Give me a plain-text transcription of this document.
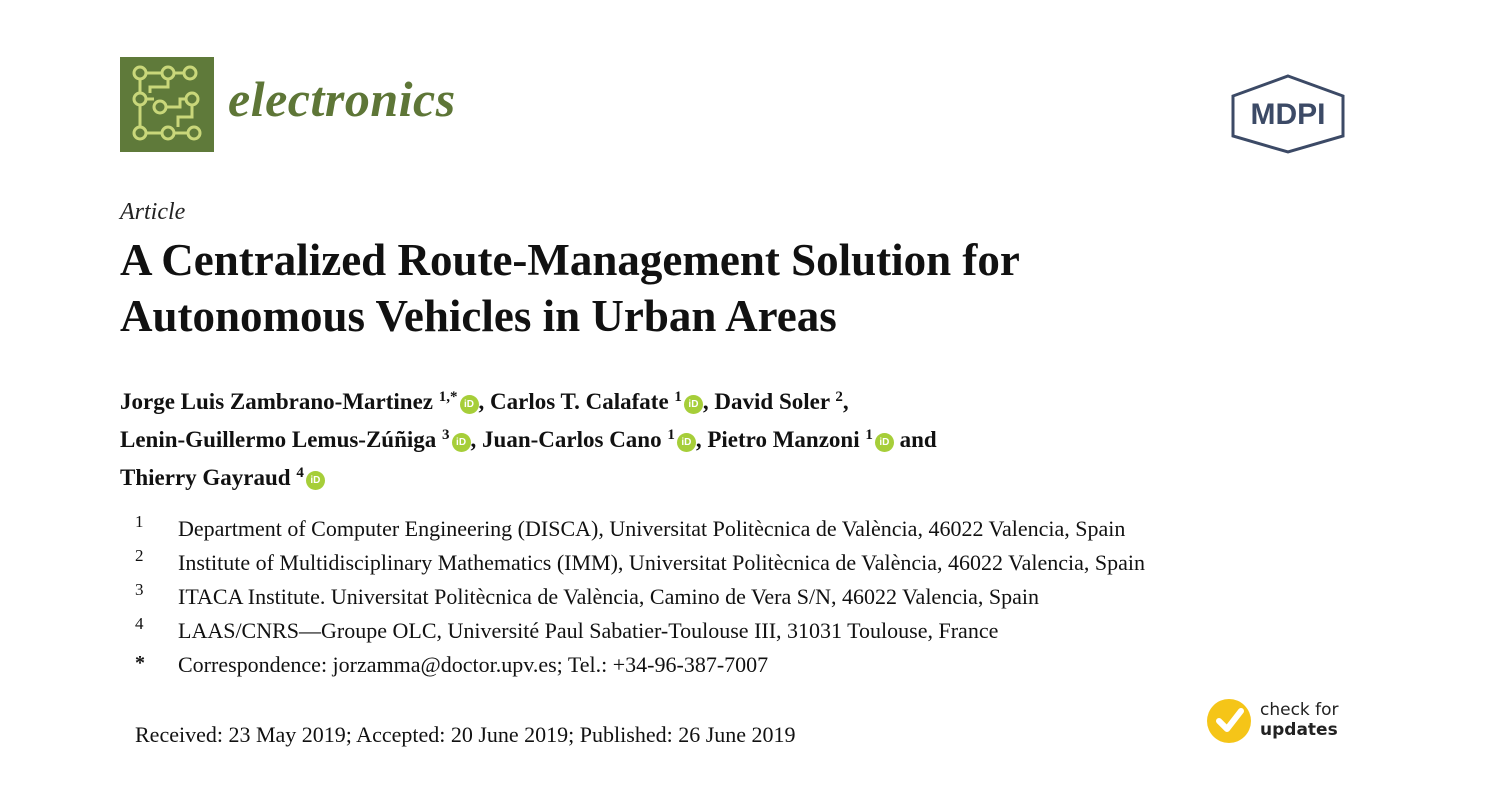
electronics	MDPI
Article
A Centralized Route-Management Solution for
Autonomous Vehicles in Urban Areas
Jorge Luis Zambrano-Martinez $^{1,*}$ iD , Carlos T. Calafate $^1$ iD , David Soler $^2$,
Lenin-Guillermo Lemus-Zúñiga $^3$ iD , Juan-Carlos Cano $^1$ iD , Pietro Manzoni $^1$ iD and
Thierry Gayraud $^4$ iD
1	Department of Computer Engineering (DISCA), Universitat Politècnica de València, 46022 Valencia, Spain
2	Institute of Multidisciplinary Mathematics (IMM), Universitat Politècnica de València, 46022 Valencia, Spain
3	ITACA Institute. Universitat Politècnica de València, Camino de Vera S/N, 46022 Valencia, Spain
4	LAAS/CNRS—Groupe OLC, Université Paul Sabatier-Toulouse III, 31031 Toulouse, France
*	Correspondence: jorzamma@doctor.upv.es; Tel.: +34-96-387-7007
Received: 23 May 2019; Accepted: 20 June 2019; Published: 26 June 2019
check for
updates
